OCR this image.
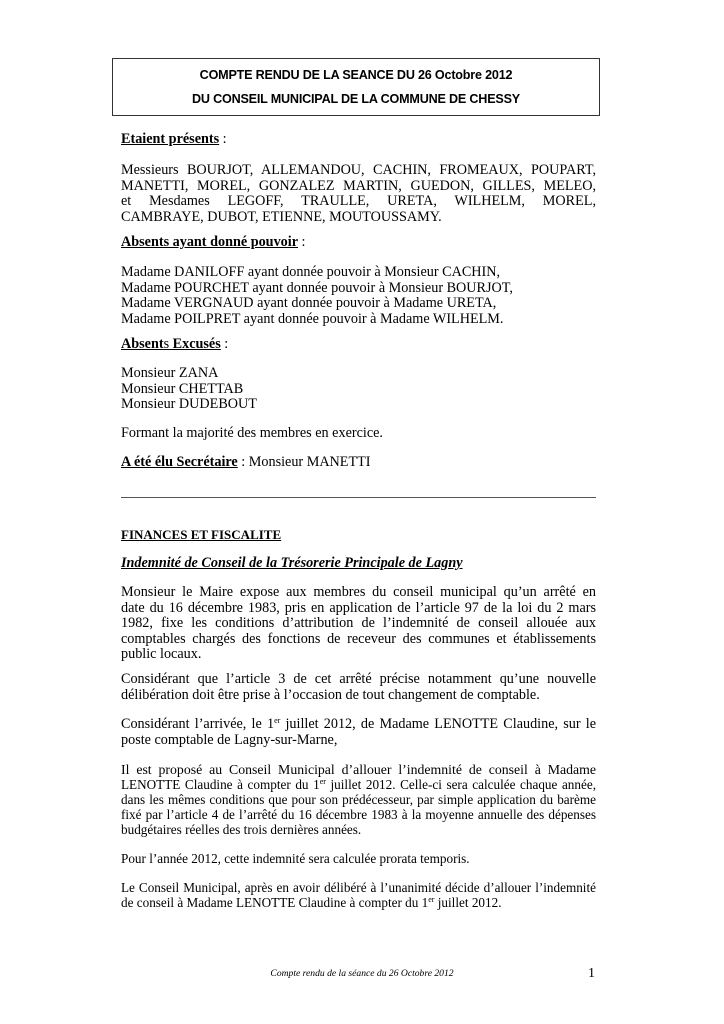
COMPTE RENDU DE LA SEANCE DU 26 Octobre 2012
DU CONSEIL MUNICIPAL DE LA COMMUNE DE CHESSY
Etaient présents :
Messieurs BOURJOT, ALLEMANDOU, CACHIN, FROMEAUX, POUPART,
MANETTI, MOREL, GONZALEZ MARTIN, GUEDON, GILLES, MELEO,
et Mesdames LEGOFF, TRAULLE, URETA, WILHELM, MOREL,
CAMBRAYE, DUBOT, ETIENNE, MOUTOUSSAMY.
Absents ayant donné pouvoir :
Madame DANILOFF ayant donnée pouvoir à Monsieur CACHIN,
Madame POURCHET ayant donnée pouvoir à Monsieur BOURJOT,
Madame VERGNAUD ayant donnée pouvoir à Madame URETA,
Madame POILPRET ayant donnée pouvoir à Madame WILHELM.
Absents Excusés :
Monsieur ZANA
Monsieur CHETTAB
Monsieur DUDEBOUT
Formant la majorité des membres en exercice.
A été élu Secrétaire : Monsieur MANETTI
FINANCES ET FISCALITE
Indemnité de Conseil de la Trésorerie Principale de Lagny
Monsieur le Maire expose aux membres du conseil municipal qu’un arrêté en
date du 16 décembre 1983, pris en application de l’article 97 de la loi du 2 mars
1982, fixe les conditions d’attribution de l’indemnité de conseil allouée aux
comptables chargés des fonctions de receveur des communes et établissements
public locaux.
Considérant que l’article 3 de cet arrêté précise notamment qu’une nouvelle
délibération doit être prise à l’occasion de tout changement de comptable.
Considérant l’arrivée, le 1er juillet 2012, de Madame LENOTTE Claudine, sur le
poste comptable de Lagny-sur-Marne,
Il est proposé au Conseil Municipal d’allouer l’indemnité de conseil à Madame
LENOTTE Claudine à compter du 1er juillet 2012. Celle-ci sera calculée chaque année,
dans les mêmes conditions que pour son prédécesseur, par simple application du barème
fixé par l’article 4 de l’arrêté du 16 décembre 1983 à la moyenne annuelle des dépenses
budgétaires réelles des trois dernières années.
Pour l’année 2012, cette indemnité sera calculée prorata temporis.
Le Conseil Municipal, après en avoir délibéré à l’unanimité décide d’allouer l’indemnité
de conseil à Madame LENOTTE Claudine à compter du 1er juillet 2012.
Compte rendu de la séance du 26 Octobre 2012	1
